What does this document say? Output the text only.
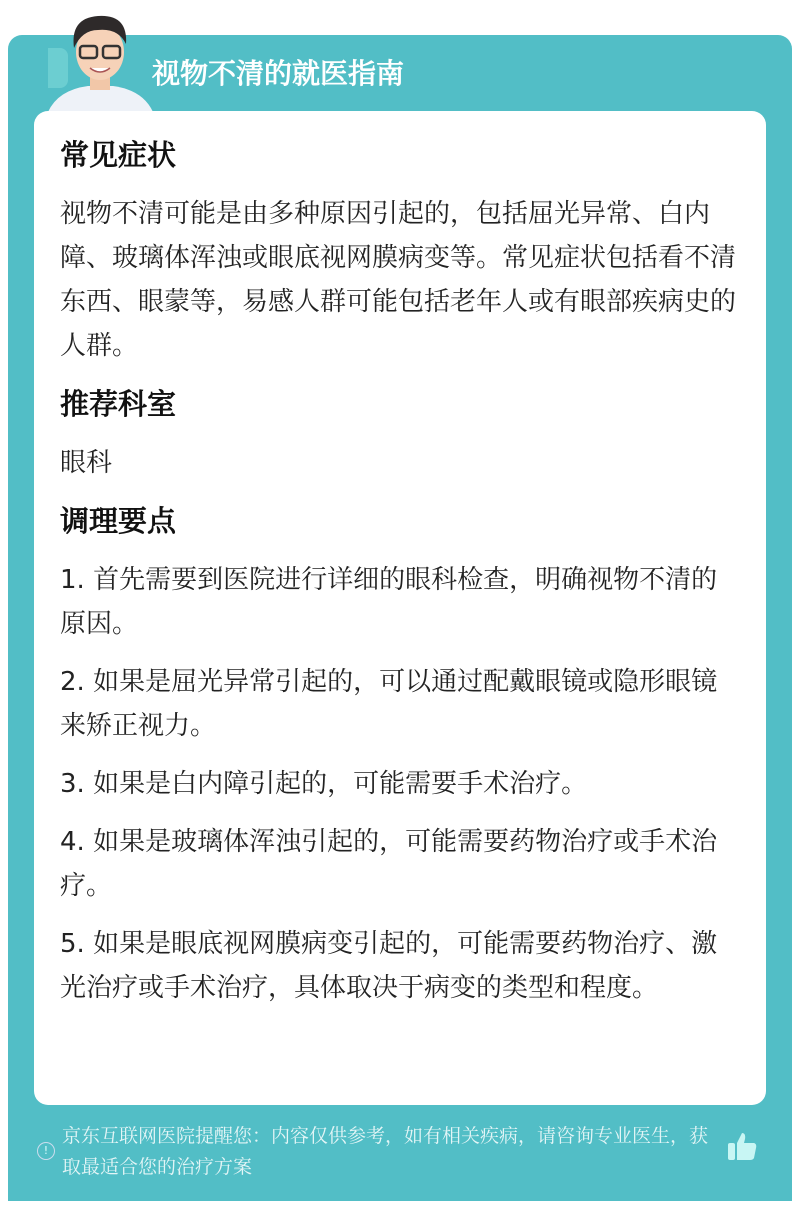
视物不清的就医指南
常见症状

视物不清可能是由多种原因引起的，包括屈光异常、白内障、玻璃体浑浊或眼底视网膜病变等。常见症状包括看不清东西、眼蒙等，易感人群可能包括老年人或有眼部疾病史的人群。

推荐科室

眼科

调理要点

1. 首先需要到医院进行详细的眼科检查，明确视物不清的原因。

2. 如果是屈光异常引起的，可以通过配戴眼镜或隐形眼镜来矫正视力。

3. 如果是白内障引起的，可能需要手术治疗。

4. 如果是玻璃体浑浊引起的，可能需要药物治疗或手术治疗。

5. 如果是眼底视网膜病变引起的，可能需要药物治疗、激光治疗或手术治疗，具体取决于病变的类型和程度。

!
京东互联网医院提醒您：内容仅供参考，如有相关疾病，请咨询专业医生，获取最适合您的治疗方案
